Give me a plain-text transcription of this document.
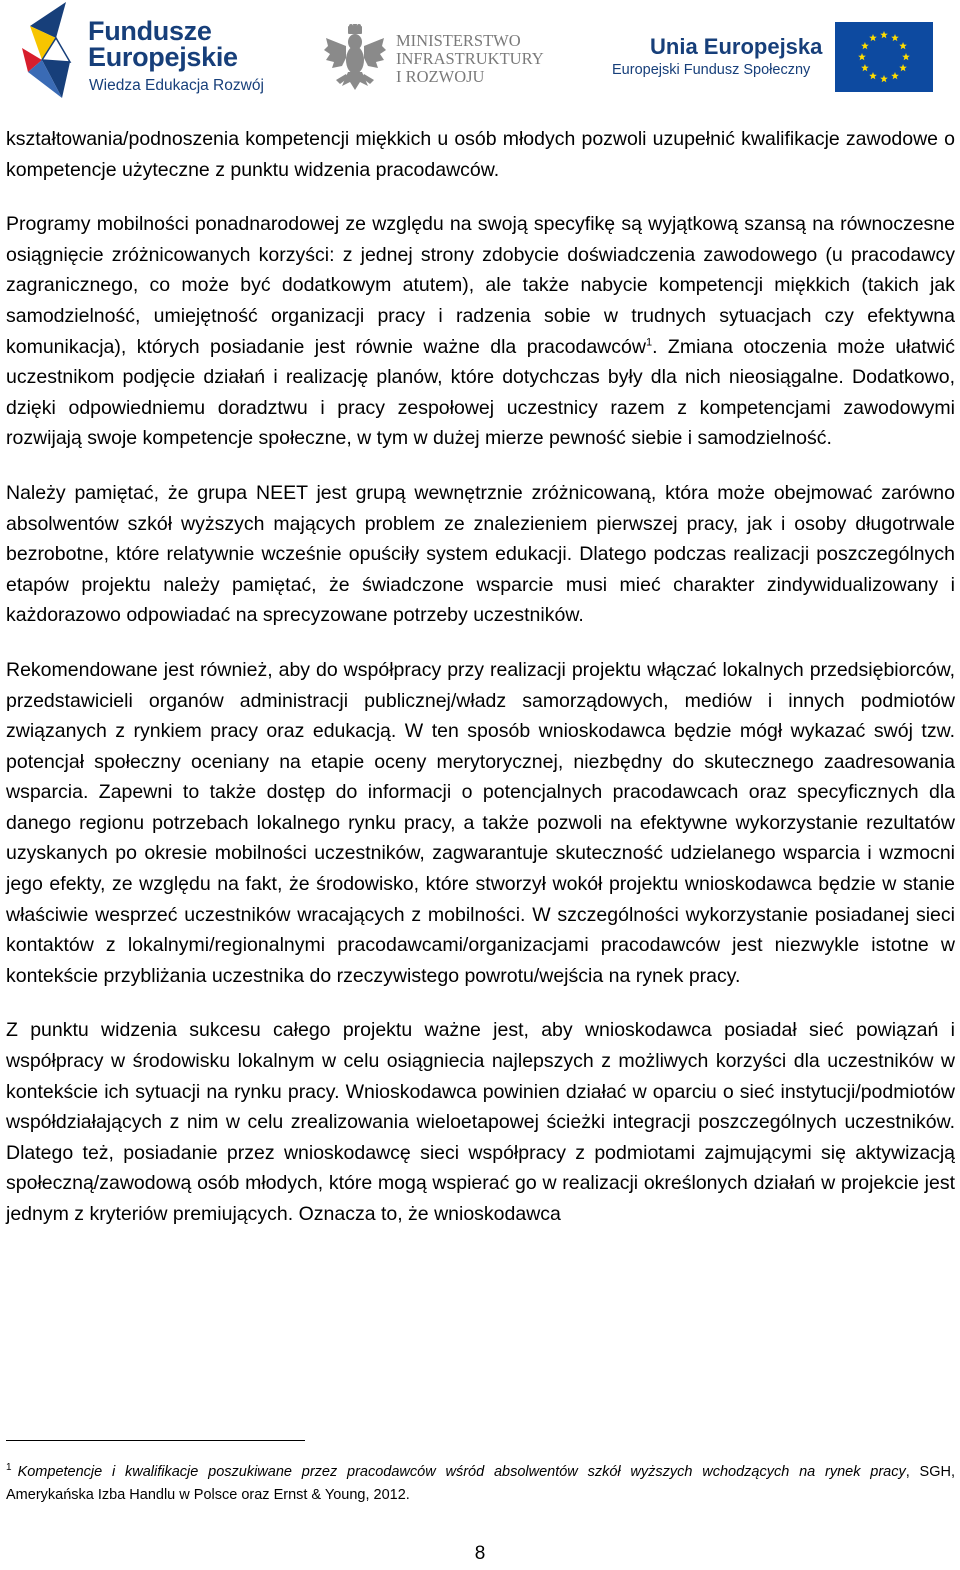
Fundusze
Europejskie
Wiedza Edukacja Rozwój
MINISTERSTWO
INFRASTRUKTURY
I ROZWOJU
Unia Europejska
Europejski Fundusz Społeczny

kształtowania/podnoszenia kompetencji miękkich u osób młodych pozwoli uzupełnić kwalifikacje zawodowe o kompetencje użyteczne z punktu widzenia pracodawców.

Programy mobilności ponadnarodowej ze względu na swoją specyfikę są wyjątkową szansą na równoczesne osiągnięcie zróżnicowanych korzyści: z jednej strony zdobycie doświadczenia zawodowego (u pracodawcy zagranicznego, co może być dodatkowym atutem), ale także nabycie kompetencji miękkich (takich jak samodzielność, umiejętność organizacji pracy i radzenia sobie w trudnych sytuacjach czy efektywna komunikacja), których posiadanie jest równie ważne dla pracodawców$^1$. Zmiana otoczenia może ułatwić uczestnikom podjęcie działań i realizację planów, które dotychczas były dla nich nieosiągalne. Dodatkowo, dzięki odpowiedniemu doradztwu i pracy zespołowej uczestnicy razem z kompetencjami zawodowymi rozwijają swoje kompetencje społeczne, w tym w dużej mierze pewność siebie i samodzielność.

Należy pamiętać, że grupa NEET jest grupą wewnętrznie zróżnicowaną, która może obejmować zarówno absolwentów szkół wyższych mających problem ze znalezieniem pierwszej pracy, jak i osoby długotrwale bezrobotne, które relatywnie wcześnie opuściły system edukacji. Dlatego podczas realizacji poszczególnych etapów projektu należy pamiętać, że świadczone wsparcie musi mieć charakter zindywidualizowany i każdorazowo odpowiadać na sprecyzowane potrzeby uczestników.

Rekomendowane jest również, aby do współpracy przy realizacji projektu włączać lokalnych przedsiębiorców, przedstawicieli organów administracji publicznej/władz samorządowych, mediów i innych podmiotów związanych z rynkiem pracy oraz edukacją. W ten sposób wnioskodawca będzie mógł wykazać swój tzw. potencjał społeczny oceniany na etapie oceny merytorycznej, niezbędny do skutecznego zaadresowania wsparcia. Zapewni to także dostęp do informacji o potencjalnych pracodawcach oraz specyficznych dla danego regionu potrzebach lokalnego rynku pracy, a także pozwoli na efektywne wykorzystanie rezultatów uzyskanych po okresie mobilności uczestników, zagwarantuje skuteczność udzielanego wsparcia i wzmocni jego efekty, ze względu na fakt, że środowisko, które stworzył wokół projektu wnioskodawca będzie w stanie właściwie wesprzeć uczestników wracających z mobilności. W szczególności wykorzystanie posiadanej sieci kontaktów z lokalnymi/regionalnymi pracodawcami/organizacjami pracodawców jest niezwykle istotne w kontekście przybliżania uczestnika do rzeczywistego powrotu/wejścia na rynek pracy.

Z punktu widzenia sukcesu całego projektu ważne jest, aby wnioskodawca posiadał sieć powiązań i współpracy w środowisku lokalnym w celu osiągniecia najlepszych z możliwych korzyści dla uczestników w kontekście ich sytuacji na rynku pracy. Wnioskodawca powinien działać w oparciu o sieć instytucji/podmiotów współdziałających z nim w celu zrealizowania wieloetapowej ścieżki integracji poszczególnych uczestników. Dlatego też, posiadanie przez wnioskodawcę sieci współpracy z podmiotami zajmującymi się aktywizacją społeczną/zawodową osób młodych, które mogą wspierać go w realizacji określonych działań w projekcie jest jednym z kryteriów premiujących. Oznacza to, że wnioskodawca

$^1$ Kompetencje i kwalifikacje poszukiwane przez pracodawców wśród absolwentów szkół wyższych wchodzących na rynek pracy, SGH, Amerykańska Izba Handlu w Polsce oraz Ernst & Young, 2012.
8
